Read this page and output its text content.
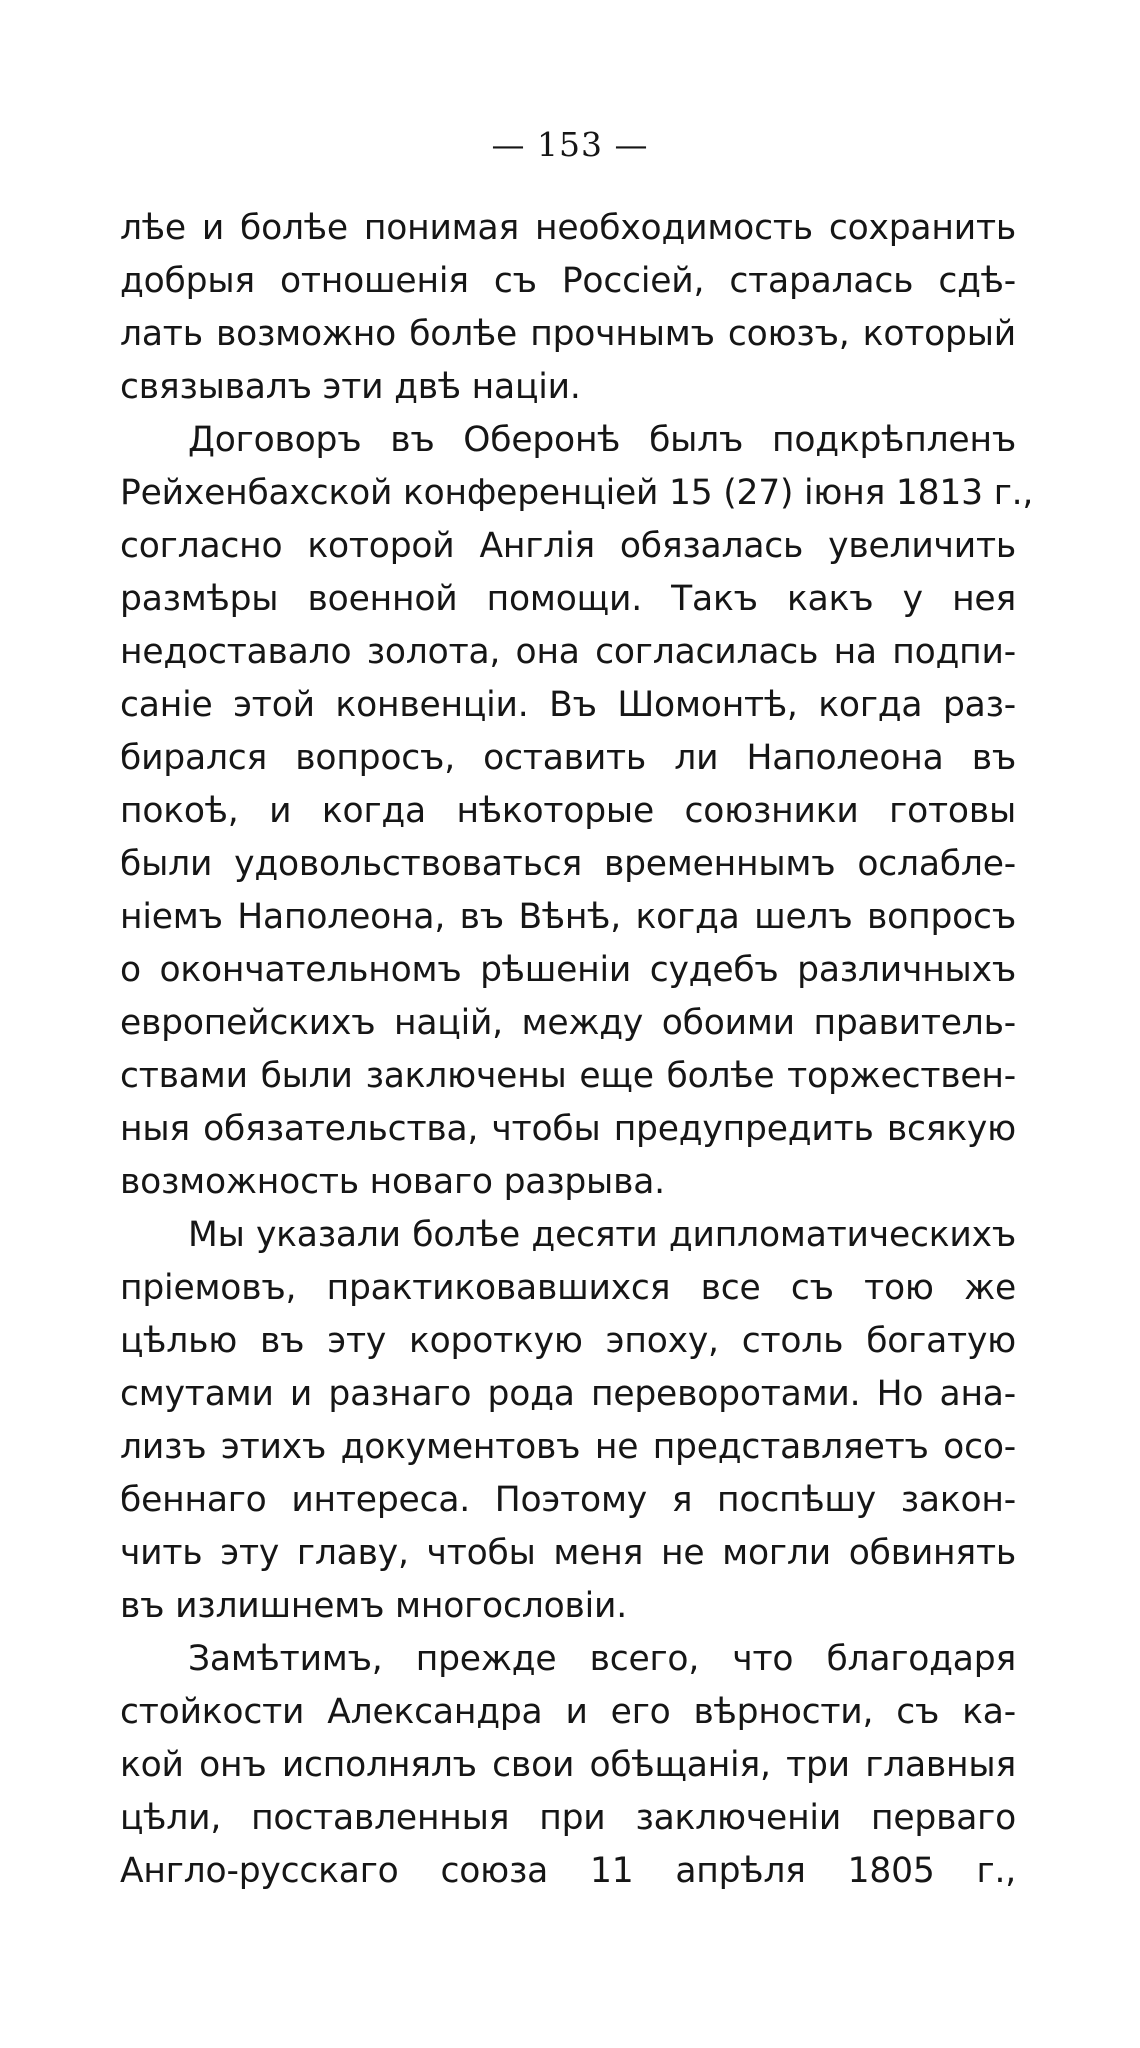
— 153 —
лѣе и болѣе понимая необходимость сохранить
добрыя отношенія съ Россіей, старалась сдѣ-
лать возможно болѣе прочнымъ союзъ, который
связывалъ эти двѣ націи.
Договоръ въ Оберонѣ былъ подкрѣпленъ
Рейхенбахской конференціей 15 (27) іюня 1813 г.,
согласно которой Англія обязалась увеличить
размѣры военной помощи. Такъ какъ у нея
недоставало золота, она согласилась на подпи-
саніе этой конвенціи. Въ Шомонтѣ, когда раз-
бирался вопросъ, оставить ли Наполеона въ
покоѣ, и когда нѣкоторые союзники готовы
были удовольствоваться временнымъ ослабле-
ніемъ Наполеона, въ Вѣнѣ, когда шелъ вопросъ
о окончательномъ рѣшеніи судебъ различныхъ
европейскихъ націй, между обоими правитель-
ствами были заключены еще болѣе торжествен-
ныя обязательства, чтобы предупредить всякую
возможность новаго разрыва.
Мы указали болѣе десяти дипломатическихъ
пріемовъ, практиковавшихся все съ тою же
цѣлью въ эту короткую эпоху, столь богатую
смутами и разнаго рода переворотами. Но ана-
лизъ этихъ документовъ не представляетъ осо-
беннаго интереса. Поэтому я поспѣшу закон-
чить эту главу, чтобы меня не могли обвинять
въ излишнемъ многословіи.
Замѣтимъ, прежде всего, что благодаря
стойкости Александра и его вѣрности, съ ка-
кой онъ исполнялъ свои обѣщанія, три главныя
цѣли, поставленныя при заключеніи перваго
Англо-русскаго союза 11 апрѣля 1805 г.,
